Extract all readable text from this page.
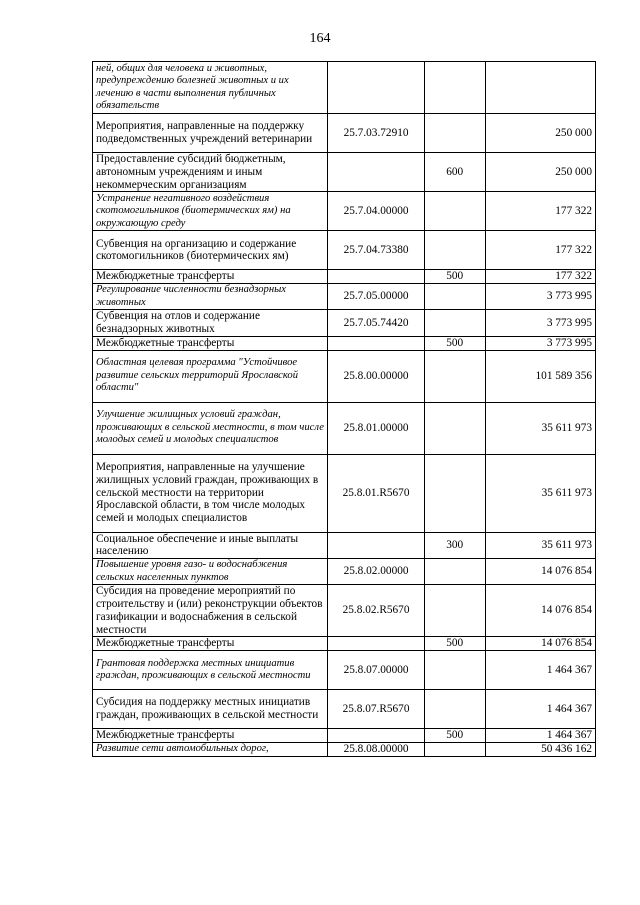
164
ней, общих для человека и животных, предупреждению болезней животных и их лечению в части выполнения публичных обязательств			
Мероприятия, направленные на поддержку подведомственных учреждений ветеринарии	25.7.03.72910		250 000
Предоставление субсидий бюджетным, автономным учреждениям и иным некоммерческим организациям		600	250 000
Устранение негативного воздействия скотомогильников (биотермических ям) на окружающую среду	25.7.04.00000		177 322
Субвенция на организацию и содержание скотомогильников (биотермических ям)	25.7.04.73380		177 322
Межбюджетные трансферты		500	177 322
Регулирование численности безнадзорных животных	25.7.05.00000		3 773 995
Субвенция на отлов и содержание безнадзорных животных	25.7.05.74420		3 773 995
Межбюджетные трансферты		500	3 773 995
Областная целевая программа "Устойчивое развитие сельских территорий Ярославской области"	25.8.00.00000		101 589 356
Улучшение жилищных условий граждан, проживающих в сельской местности, в том числе молодых семей и молодых специалистов	25.8.01.00000		35 611 973
Мероприятия, направленные на улучшение жилищных условий граждан, проживающих в сельской местности на территории Ярославской области, в том числе молодых семей и молодых специалистов	25.8.01.R5670		35 611 973
Социальное обеспечение и иные выплаты населению		300	35 611 973
Повышение уровня газо- и водоснабжения сельских населенных пунктов	25.8.02.00000		14 076 854
Субсидия на проведение мероприятий по строительству и (или) реконструкции объектов газификации и водоснабжения в сельской местности	25.8.02.R5670		14 076 854
Межбюджетные трансферты		500	14 076 854
Грантовая поддержка местных инициатив граждан, проживающих в сельской местности	25.8.07.00000		1 464 367
Субсидия на поддержку местных инициатив граждан, проживающих в сельской местности	25.8.07.R5670		1 464 367
Межбюджетные трансферты		500	1 464 367
Развитие сети автомобильных дорог,	25.8.08.00000		50 436 162
